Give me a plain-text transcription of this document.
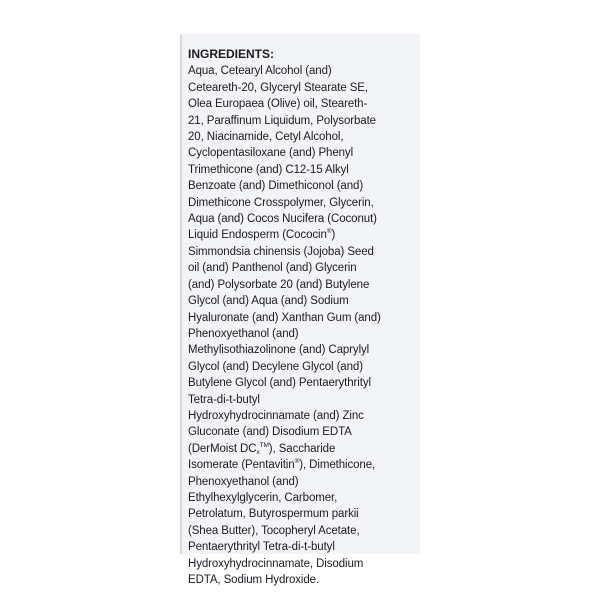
INGREDIENTS:
Aqua, Cetearyl Alcohol (and)
Ceteareth-20, Glyceryl Stearate SE,
Olea Europaea (Olive) oil, Steareth-
21, Paraffinum Liquidum, Polysorbate
20, Niacinamide, Cetyl Alcohol,
Cyclopentasiloxane (and) Phenyl
Trimethicone (and) C12-15 Alkyl
Benzoate (and) Dimethiconol (and)
Dimethicone Crosspolymer, Glycerin,
Aqua (and) Cocos Nucifera (Coconut)
Liquid Endosperm (Cococin®)
Simmondsia chinensis (Jojoba) Seed
oil (and) Panthenol (and) Glycerin
(and) Polysorbate 20 (and) Butylene
Glycol (and) Aqua (and) Sodium
Hyaluronate (and) Xanthan Gum (and)
Phenoxyethanol (and)
Methylisothiazolinone (and) Caprylyl
Glycol (and) Decylene Glycol (and)
Butylene Glycol (and) Pentaerythrityl
Tetra-di-t-butyl
Hydroxyhydrocinnamate (and) Zinc
Gluconate (and) Disodium EDTA
(DerMoist $DC_x™$), Saccharide
Isomerate (Pentavitin®), Dimethicone,
Phenoxyethanol (and)
Ethylhexylglycerin, Carbomer,
Petrolatum, Butyrospermum parkii
(Shea Butter), Tocopheryl Acetate,
Pentaerythrityl Tetra-di-t-butyl
Hydroxyhydrocinnamate, Disodium
EDTA, Sodium Hydroxide.
